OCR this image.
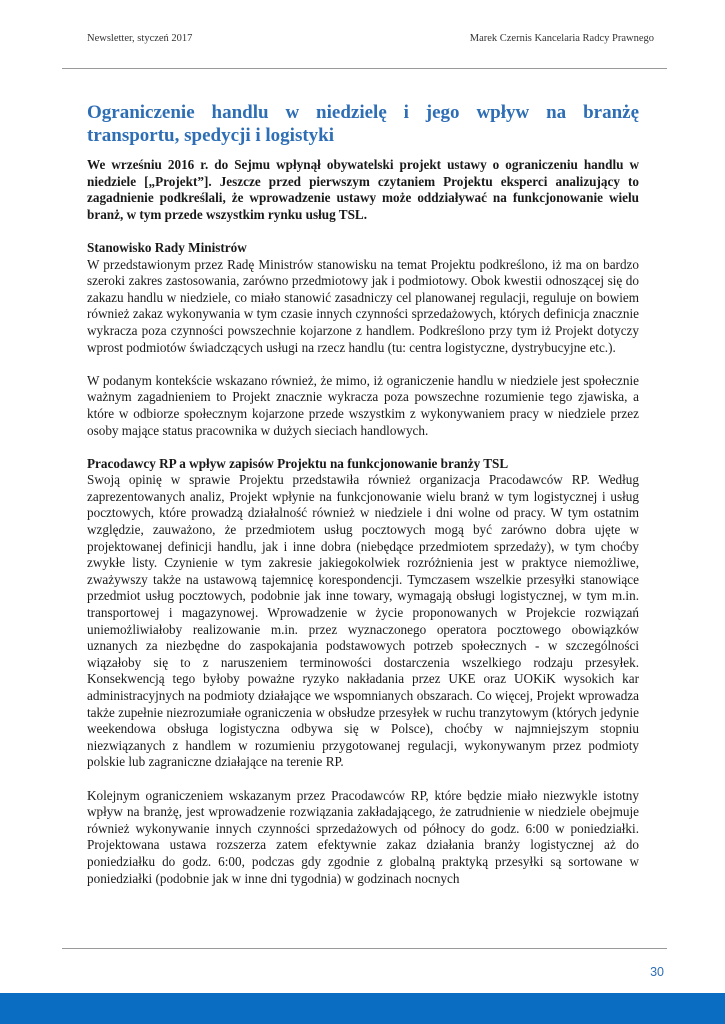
Newsletter, styczeń 2017	Marek Czernis Kancelaria Radcy Prawnego
Ograniczenie handlu w niedzielę i jego wpływ na branżę transportu, spedycji i logistyki

We wrześniu 2016 r. do Sejmu wpłynął obywatelski projekt ustawy o ograniczeniu handlu w niedziele [„Projekt”]. Jeszcze przed pierwszym czytaniem Projektu eksperci analizujący to zagadnienie podkreślali, że wprowadzenie ustawy może oddziaływać na funkcjonowanie wielu branż, w tym przede wszystkim rynku usług TSL.

Stanowisko Rady Ministrów

W przedstawionym przez Radę Ministrów stanowisku na temat Projektu podkreślono, iż ma on bardzo szeroki zakres zastosowania, zarówno przedmiotowy jak i podmiotowy. Obok kwestii odnoszącej się do zakazu handlu w niedziele, co miało stanowić zasadniczy cel planowanej regulacji, reguluje on bowiem również zakaz wykonywania w tym czasie innych czynności sprzedażowych, których definicja znacznie wykracza poza czynności powszechnie kojarzone z handlem. Podkreślono przy tym iż Projekt dotyczy wprost podmiotów świadczących usługi na rzecz handlu (tu: centra logistyczne, dystrybucyjne etc.).

W podanym kontekście wskazano również, że mimo, iż ograniczenie handlu w niedziele jest społecznie ważnym zagadnieniem to Projekt znacznie wykracza poza powszechne rozumienie tego zjawiska, a które w odbiorze społecznym kojarzone przede wszystkim z wykonywaniem pracy w niedziele przez osoby mające status pracownika w dużych sieciach handlowych.

Pracodawcy RP a wpływ zapisów Projektu na funkcjonowanie branży TSL

Swoją opinię w sprawie Projektu przedstawiła również organizacja Pracodawców RP. Według zaprezentowanych analiz, Projekt wpłynie na funkcjonowanie wielu branż w tym logistycznej i usług pocztowych, które prowadzą działalność również w niedziele i dni wolne od pracy. W tym ostatnim względzie, zauważono, że przedmiotem usług pocztowych mogą być zarówno dobra ujęte w projektowanej definicji handlu, jak i inne dobra (niebędące przedmiotem sprzedaży), w tym choćby zwykłe listy. Czynienie w tym zakresie jakiegokolwiek rozróżnienia jest w praktyce niemożliwe, zważywszy także na ustawową tajemnicę korespondencji. Tymczasem wszelkie przesyłki stanowiące przedmiot usług pocztowych, podobnie jak inne towary, wymagają obsługi logistycznej, w tym m.in. transportowej i magazynowej. Wprowadzenie w życie proponowanych w Projekcie rozwiązań uniemożliwiałoby realizowanie m.in. przez wyznaczonego operatora pocztowego obowiązków uznanych za niezbędne do zaspokajania podstawowych potrzeb społecznych - w szczególności wiązałoby się to z naruszeniem terminowości dostarczenia wszelkiego rodzaju przesyłek. Konsekwencją tego byłoby poważne ryzyko nakładania przez UKE oraz UOKiK wysokich kar administracyjnych na podmioty działające we wspomnianych obszarach. Co więcej, Projekt wprowadza także zupełnie niezrozumiałe ograniczenia w obsłudze przesyłek w ruchu tranzytowym (których jedynie weekendowa obsługa logistyczna odbywa się w Polsce), choćby w najmniejszym stopniu niezwiązanych z handlem w rozumieniu przygotowanej regulacji, wykonywanym przez podmioty polskie lub zagraniczne działające na terenie RP.

Kolejnym ograniczeniem wskazanym przez Pracodawców RP, które będzie miało niezwykle istotny wpływ na branżę, jest wprowadzenie rozwiązania zakładającego, że zatrudnienie w niedziele obejmuje również wykonywanie innych czynności sprzedażowych od północy do godz. 6:00 w poniedziałki. Projektowana ustawa rozszerza zatem efektywnie zakaz działania branży logistycznej aż do poniedziałku do godz. 6:00, podczas gdy zgodnie z globalną praktyką przesyłki są sortowane w poniedziałki (podobnie jak w inne dni tygodnia) w godzinach nocnych

30
